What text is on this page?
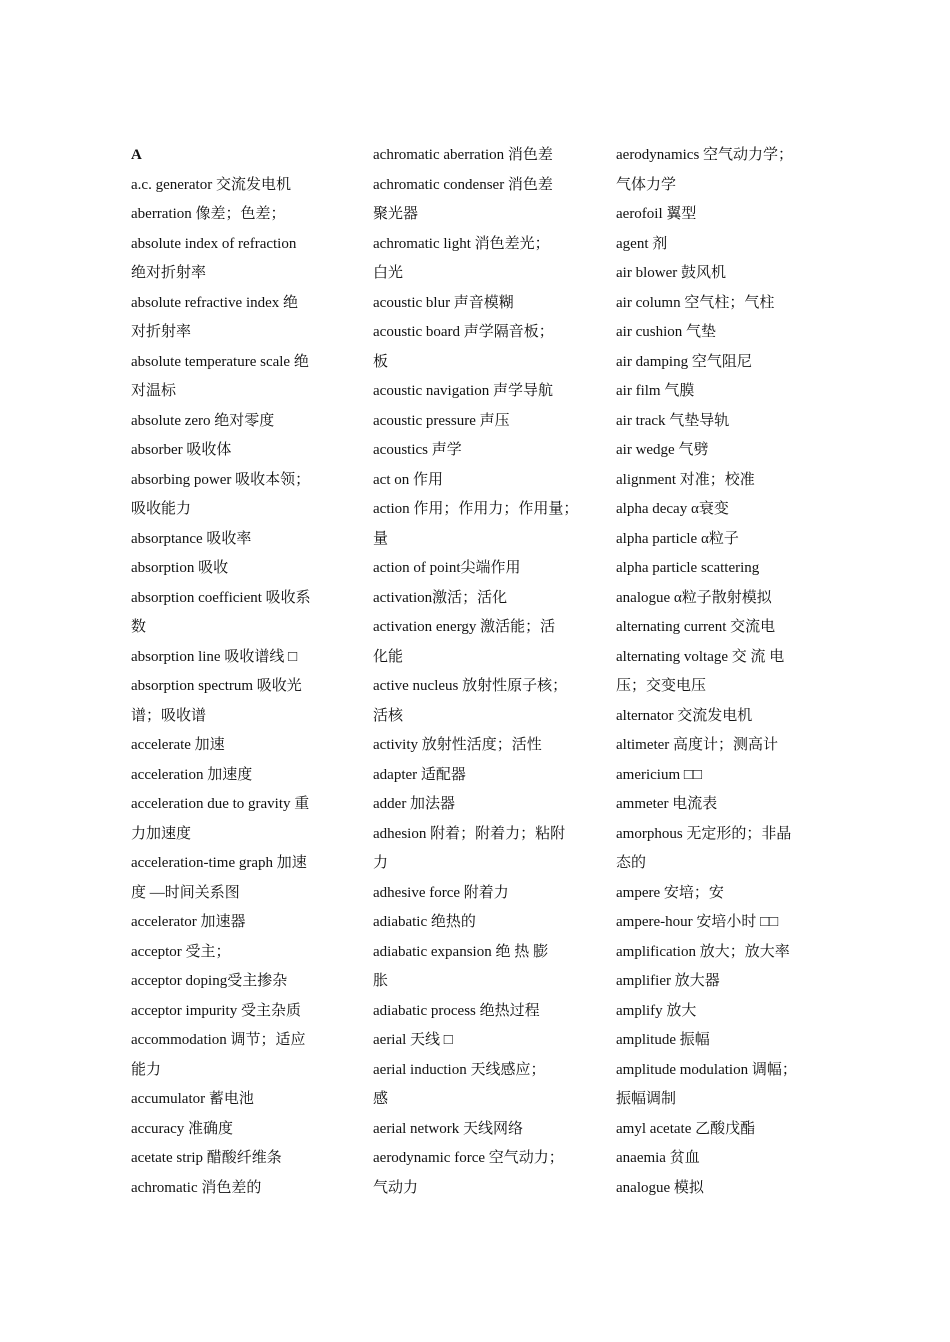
A
a.c. generator 交流发电机
aberration 像差；色差；
absolute index of refraction
绝对折射率
absolute refractive index 绝
对折射率
absolute temperature scale 绝
对温标
absolute zero 绝对零度
absorber 吸收体
absorbing power 吸收本领；
吸收能力
absorptance 吸收率
absorption 吸收
absorption coefficient 吸收系
数
absorption line 吸收谱线 □
absorption spectrum 吸收光
谱；吸收谱
accelerate 加速
acceleration 加速度
acceleration due to gravity 重
力加速度
acceleration-time graph 加速
度 —时间关系图
accelerator 加速器
acceptor 受主；
acceptor doping受主掺杂
acceptor impurity 受主杂质
accommodation 调节；适应
能力
accumulator 蓄电池
accuracy 准确度
acetate strip 醋酸纤维条
achromatic 消色差的
achromatic aberration 消色差
achromatic condenser 消色差
聚光器
achromatic light 消色差光；
白光
acoustic blur 声音模糊
acoustic board 声学隔音板；
板
acoustic navigation 声学导航
acoustic pressure 声压
acoustics 声学
act on 作用
action 作用；作用力；作用量；
量
action of point尖端作用
activation激活；活化
activation energy 激活能；活
化能
active nucleus 放射性原子核；
活核
activity 放射性活度；活性
adapter 适配器
adder 加法器
adhesion 附着；附着力；粘附
力
adhesive force 附着力
adiabatic 绝热的
adiabatic expansion 绝 热 膨
胀
adiabatic process 绝热过程
aerial 天线 □
aerial induction 天线感应；
感
aerial network 天线网络
aerodynamic force 空气动力；
气动力
aerodynamics 空气动力学；
气体力学
aerofoil 翼型
agent 剂
air blower 鼓风机
air column 空气柱；气柱
air cushion 气垫
air damping 空气阻尼
air film 气膜
air track 气垫导轨
air wedge 气劈
alignment 对准；校准
alpha decay α衰变
alpha particle α粒子
alpha particle scattering
analogue α粒子散射模拟
alternating current 交流电
alternating voltage 交 流 电
压；交变电压
alternator 交流发电机
altimeter 高度计；测高计
americium □□
ammeter 电流表
amorphous 无定形的；非晶
态的
ampere 安培；安
ampere-hour 安培小时 □□
amplification 放大；放大率
amplifier 放大器
amplify 放大
amplitude 振幅
amplitude modulation 调幅；
振幅调制
amyl acetate 乙酸戊酯
anaemia 贫血
analogue 模拟
